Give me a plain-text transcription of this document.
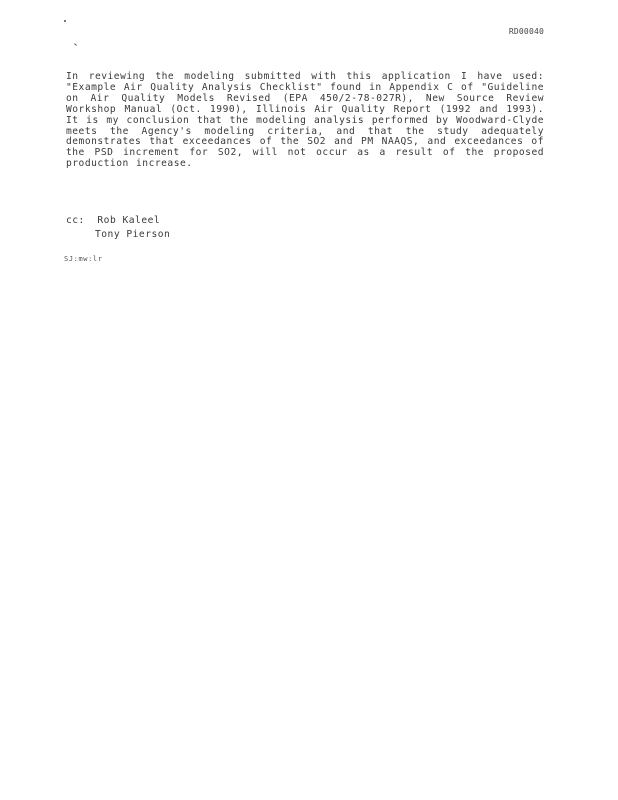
RD00040

In reviewing the modeling submitted with this application I have used: "Example Air Quality Analysis Checklist" found in Appendix C of "Guideline on Air Quality Models Revised (EPA 450/2-78-027R), New Source Review Workshop Manual (Oct. 1990), Illinois Air Quality Report (1992 and 1993). It is my conclusion that the modeling analysis performed by Woodward-Clyde meets the Agency's modeling criteria, and that the study adequately demonstrates that exceedances of the SO2 and PM NAAQS, and exceedances of the PSD increment for SO2, will not occur as a result of the proposed production increase.

cc: Rob Kaleel
Tony Pierson
SJ:mw:lr
